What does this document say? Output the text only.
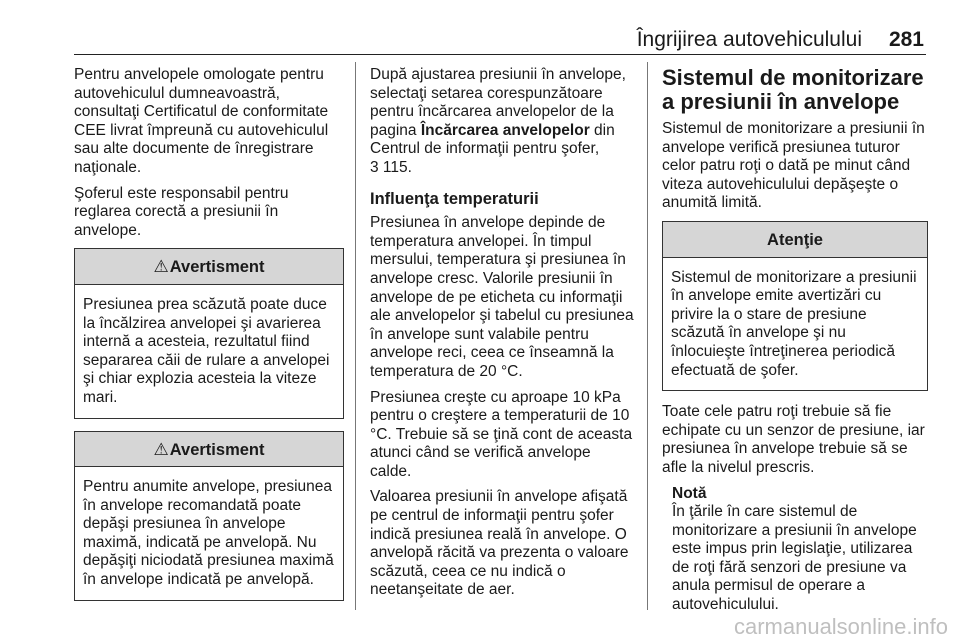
Îngrijirea autovehiculului 281

Pentru anvelopele omologate pentru autovehiculul dumneavoastră, consultaţi Certificatul de conformitate CEE livrat împreună cu autovehiculul sau alte documente de înregistrare naţionale.

Şoferul este responsabil pentru reglarea corectă a presiunii în anvelope.

⚠Avertisment
Presiunea prea scăzută poate duce la încălzirea anvelopei şi avarierea internă a acesteia, rezultatul fiind separarea căii de rulare a anvelopei şi chiar explozia acesteia la viteze mari.
⚠Avertisment
Pentru anumite anvelope, presiunea în anvelope recomandată poate depăşi presiunea în anvelope maximă, indicată pe anvelopă. Nu depăşiţi niciodată presiunea maximă în anvelope indicată pe anvelopă.

După ajustarea presiunii în anvelope, selectaţi setarea corespunzătoare pentru încărcarea anvelopelor de la pagina Încărcarea anvelopelor din Centrul de informaţii pentru şofer,
3 115.

Influenţa temperaturii

Presiunea în anvelope depinde de temperatura anvelopei. În timpul mersului, temperatura şi presiunea în anvelope cresc. Valorile presiunii în anvelope de pe eticheta cu informaţii ale anvelopelor şi tabelul cu presiunea în anvelope sunt valabile pentru anvelope reci, ceea ce înseamnă la temperatura de 20 °C.

Presiunea creşte cu aproape 10 kPa pentru o creştere a temperaturii de 10 °C. Trebuie să se ţină cont de aceasta atunci când se verifică anvelope calde.

Valoarea presiunii în anvelope afişată pe centrul de informaţii pentru şofer indică presiunea reală în anvelope. O anvelopă răcită va prezenta o valoare scăzută, ceea ce nu indică o neetanşeitate de aer.

Sistemul de monitorizare a presiunii în anvelope

Sistemul de monitorizare a presiunii în anvelope verifică presiunea tuturor celor patru roţi o dată pe minut când viteza autovehiculului depăşeşte o anumită limită.

Atenţie
Sistemul de monitorizare a presiunii în anvelope emite avertizări cu privire la o stare de presiune scăzută în anvelope şi nu înlocuieşte întreţinerea periodică efectuată de şofer.

Toate cele patru roţi trebuie să fie echipate cu un senzor de presiune, iar presiunea în anvelope trebuie să se afle la nivelul prescris.

Notă
În ţările în care sistemul de monitorizare a presiunii în anvelope este impus prin legislaţie, utilizarea de roţi fără senzori de presiune va anula permisul de operare a autovehiculului.
carmanualsonline.info
